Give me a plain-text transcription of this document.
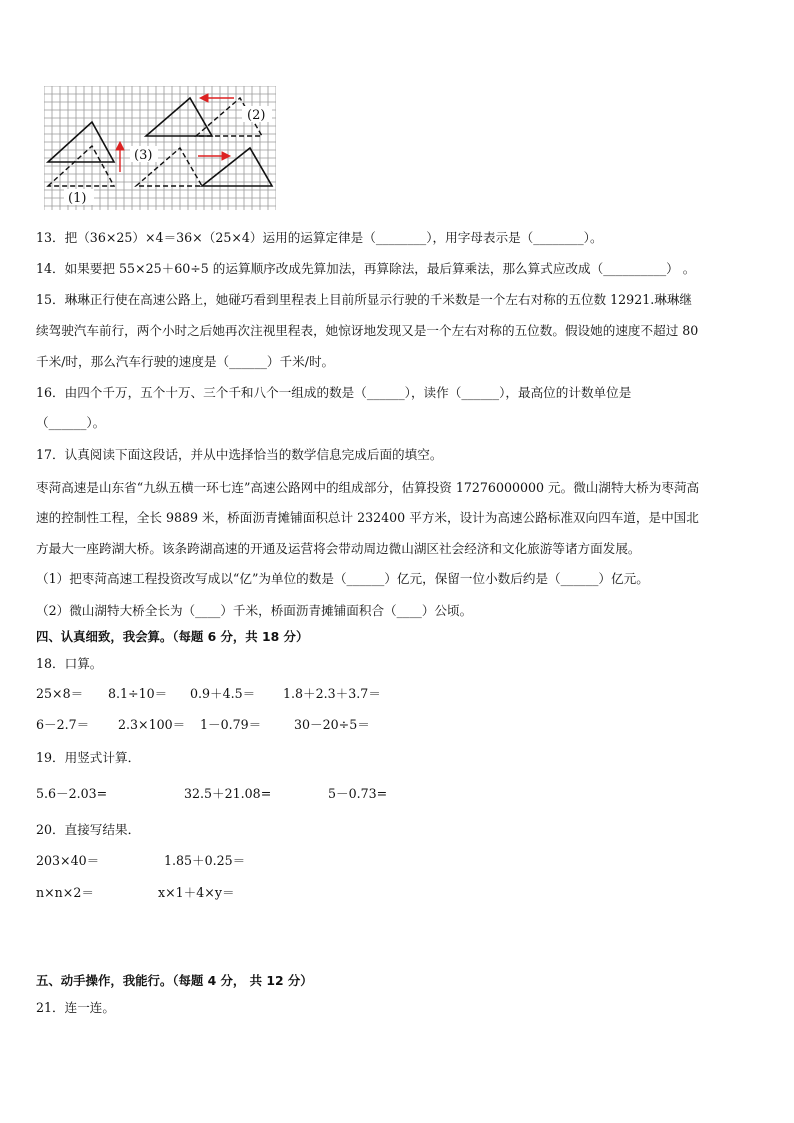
(2)
(3)
(1)
13．把（36×25）×4＝36×（25×4）运用的运算定律是（________），用字母表示是（________）。
14．如果要把 55×25＋60÷5 的运算顺序改成先算加法，再算除法，最后算乘法，那么算式应改成（__________） 。
15．琳琳正行使在高速公路上，她碰巧看到里程表上目前所显示行驶的千米数是一个左右对称的五位数 12921.琳琳继
续驾驶汽车前行，两个小时之后她再次注视里程表，她惊讶地发现又是一个左右对称的五位数。假设她的速度不超过 80
千米/时，那么汽车行驶的速度是（______）千米/时。
16．由四个千万，五个十万、三个千和八个一组成的数是（______），读作（______），最高位的计数单位是
（______）。
17．认真阅读下面这段话，并从中选择恰当的数学信息完成后面的填空。
枣菏高速是山东省“九纵五横一环七连”高速公路网中的组成部分，估算投资 17276000000 元。微山湖特大桥为枣菏高
速的控制性工程，全长 9889 米，桥面沥青摊铺面积总计 232400 平方米，设计为高速公路标准双向四车道，是中国北
方最大一座跨湖大桥。该条跨湖高速的开通及运营将会带动周边微山湖区社会经济和文化旅游等诸方面发展。
（1）把枣菏高速工程投资改写成以“亿”为单位的数是（______）亿元，保留一位小数后约是（______）亿元。
（2）微山湖特大桥全长为（____）千米，桥面沥青摊铺面积合（____）公顷。
四、认真细致，我会算。（每题 6 分，共 18 分）
18．口算。
25×8＝ 8.1÷10＝ 0.9＋4.5＝ 1.8＋2.3＋3.7＝
6－2.7＝ 2.3×100＝ 1－0.79＝	30－20÷5＝
19．用竖式计算．
5.6－2.03=	32.5＋21.08=	5－0.73=
20．直接写结果．
203×40＝	1.85＋0.25＝
n×n×2＝	x×1＋4×y＝
五、动手操作，我能行。（每题 4 分， 共 12 分）
21．连一连。
